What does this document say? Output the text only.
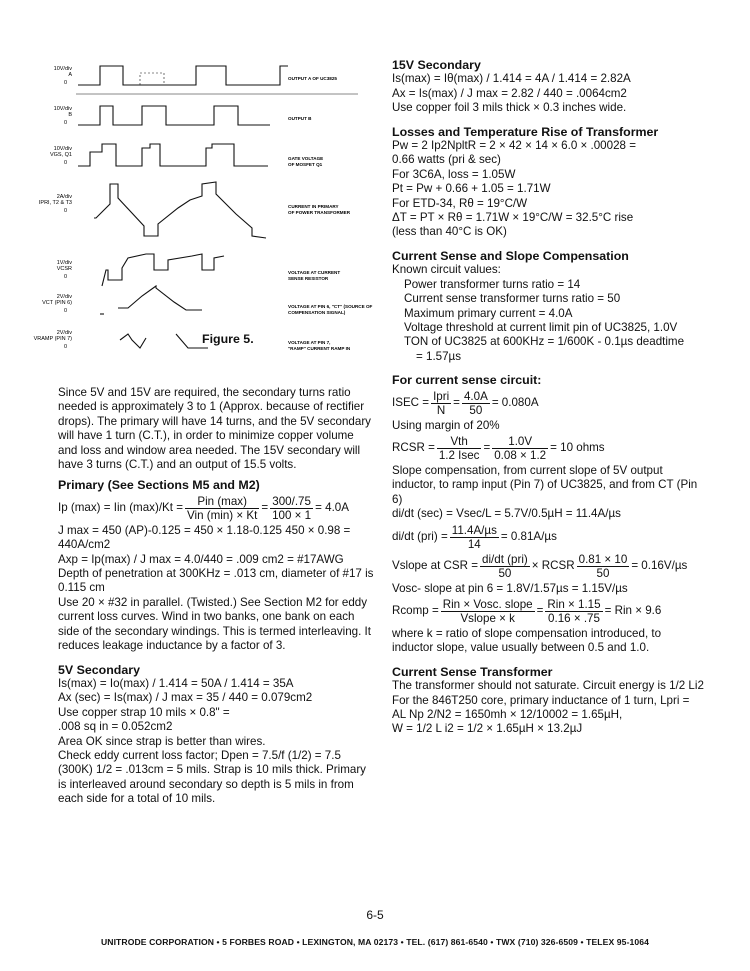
10V/div
A
0
OUTPUT A OF UC3825
10V/div
B
0
OUTPUT B
10V/div
VGS, Q1
0
GATE VOLTAGE
OF MOSFET Q1
2A/div
IPRI, T2 & T3
0
CURRENT IN PRIMARY
OF POWER TRANSFORMER
1V/div
VCSR
0
VOLTAGE AT CURRENT
SENSE RESISTOR
2V/div
VCT (PIN 6)
0
VOLTAGE AT PIN 6, "CT" (SOURCE OF
COMPENSATION SIGNAL)
2V/div
VRAMP (PIN 7)
0
VOLTAGE AT PIN 7,
"RAMP" CURRENT RAMP IN
Figure 5.

Since 5V and 15V are required, the secondary turns ratio needed is approximately 3 to 1 (Approx. because of rectifier drops). The primary will have 14 turns, and the 5V secondary will have 1 turn (C.T.), in order to minimize copper volume and loss and window area needed. The 15V secondary will have 3 turns (C.T.) and an output of 15.5 volts.

Primary (See Sections M5 and M2)

Ip (max) = Iin $(\max)/Kt = \frac{\text{Pin (max)}}{\text{Vin (min) × Kt}} = \frac{300/.75}{100 \times 1} = 4.0A$

J max = 450 (AP)-0.125 = 450 × 1.18-0.125 450 × 0.98 =

440A/cm2

Axp = Ip(max) / J max = 4.0/440 = .009 cm2 = #17AWG

Depth of penetration at 300KHz = .013 cm, diameter of #17 is 0.115 cm

Use 20 × #32 in parallel. (Twisted.) See Section M2 for eddy current loss curves. Wind in two banks, one bank on each side of the secondary windings. This is termed interleaving. It reduces leakage inductance by a factor of 3.

5V Secondary

Is(max) = Io(max) / 1.414 = 50A / 1.414 = 35A

Ax (sec) = Is(max) / J max = 35 / 440 = 0.079cm2

Use copper strap 10 mils × 0.8" =

.008 sq in = 0.052cm2

Area OK since strap is better than wires.

Check eddy current loss factor; Dpen = 7.5/f (1/2) = 7.5 (300K) 1/2 = .013cm = 5 mils. Strap is 10 mils thick. Primary is interleaved around secondary so depth is 5 mils in from each side for a total of 10 mils.

15V Secondary

Is(max) = Iθ(max) / 1.414 = 4A / 1.414 = 2.82A

Ax = Is(max) / J max = 2.82 / 440 = .0064cm2

Use copper foil 3 mils thick × 0.3 inches wide.

Losses and Temperature Rise of Transformer

Pw = 2 Ip2NpltR = 2 × 42 × 14 × 6.0 × .00028 =

0.66 watts (pri & sec)

For 3C6A, loss = 1.05W

Pt = Pw + 0.66 + 1.05 = 1.71W

For ETD-34, Rθ = 19°C/W

ΔT = PT × Rθ = 1.71W × 19°C/W = 32.5°C rise

(less than 40°C is OK)

Current Sense and Slope Compensation

Known circuit values:

Power transformer turns ratio = 14

Current sense transformer turns ratio = 50

Maximum primary current = 4.0A

Voltage threshold at current limit pin of UC3825, 1.0V

TON of UC3825 at 600KHz = 1/600K - 0.1µs deadtime

= 1.57µs

For current sense circuit:

ISEC = $\frac{\text{Ipri}}{N} = \frac{4.0A}{50} = 0.080A$

Using margin of 20%

RCSR = $\frac{\text{Vth}}{1.2 Isec} = \frac{1.0V}{0.08 \times 1.2} = 10$ ohms

Slope compensation, from current slope of 5V output inductor, to ramp input (Pin 7) of UC3825, and from CT (Pin 6)

di/dt (sec) = Vsec/L = 5.7V/0.5µH = 11.4A/µs

di/dt $(pri) = \frac{\text{11.4A/µs}}{14} = 0.81A/\mu s$
Vslope at CSR = $\frac{\text{di/dt (pri)}}{50}$ × RCSR $\frac{0.81 \times 10}{50} = 0.16V/\mu s$

Vosc- slope at pin 6 = 1.8V/1.57µs = 1.15V/µs

Rcomp = $\frac{\text{Rin × Vosc. slope}}{\text{Vslope × k}} = \frac{\text{Rin × 1.15}}{0.16 \times .75}$ = Rin × 9.6

where k = ratio of slope compensation introduced, to inductor slope, value usually between 0.5 and 1.0.

Current Sense Transformer

The transformer should not saturate. Circuit energy is 1/2 Li2

For the 846T250 core, primary inductance of 1 turn, Lpri = AL Np 2/N2 = 1650mh × 12/10002 = 1.65µH,

W = 1/2 L i2 = 1/2 × 1.65µH × 13.2µJ

6-5
UNITRODE CORPORATION • 5 FORBES ROAD • LEXINGTON, MA 02173 • TEL. (617) 861-6540 • TWX (710) 326-6509 • TELEX 95-1064
